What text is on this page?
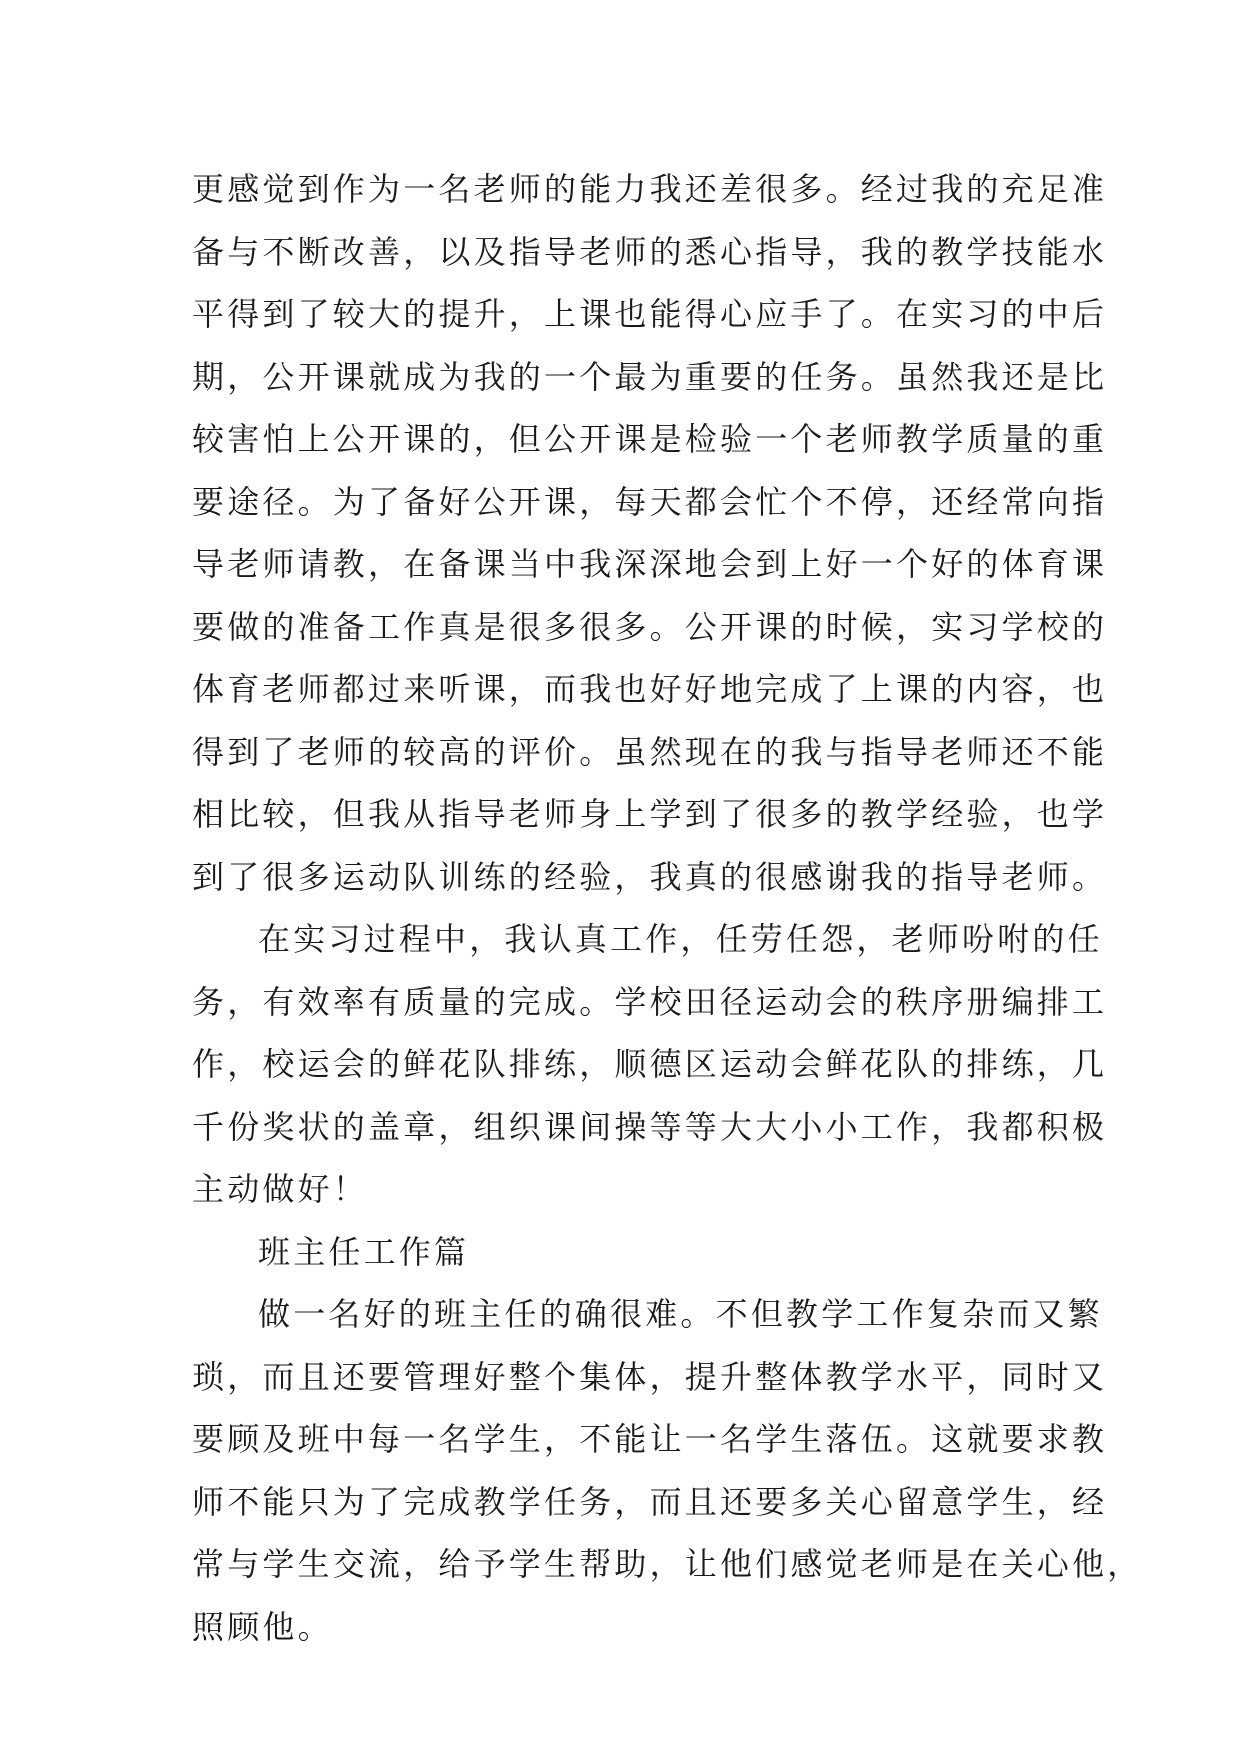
更感觉到作为一名老师的能力我还差很多。经过我的充足准
备与不断改善，以及指导老师的悉心指导，我的教学技能水
平得到了较大的提升，上课也能得心应手了。在实习的中后
期，公开课就成为我的一个最为重要的任务。虽然我还是比
较害怕上公开课的，但公开课是检验一个老师教学质量的重
要途径。为了备好公开课，每天都会忙个不停，还经常向指
导老师请教，在备课当中我深深地会到上好一个好的体育课
要做的准备工作真是很多很多。公开课的时候，实习学校的
体育老师都过来听课，而我也好好地完成了上课的内容，也
得到了老师的较高的评价。虽然现在的我与指导老师还不能
相比较，但我从指导老师身上学到了很多的教学经验，也学
到了很多运动队训练的经验，我真的很感谢我的指导老师。
在实习过程中，我认真工作，任劳任怨，老师吩咐的任
务，有效率有质量的完成。学校田径运动会的秩序册编排工
作，校运会的鲜花队排练，顺德区运动会鲜花队的排练，几
千份奖状的盖章，组织课间操等等大大小小工作，我都积极
主动做好！
班主任工作篇
做一名好的班主任的确很难。不但教学工作复杂而又繁
琐，而且还要管理好整个集体，提升整体教学水平，同时又
要顾及班中每一名学生，不能让一名学生落伍。这就要求教
师不能只为了完成教学任务，而且还要多关心留意学生，经
常与学生交流，给予学生帮助，让他们感觉老师是在关心他，
照顾他。
